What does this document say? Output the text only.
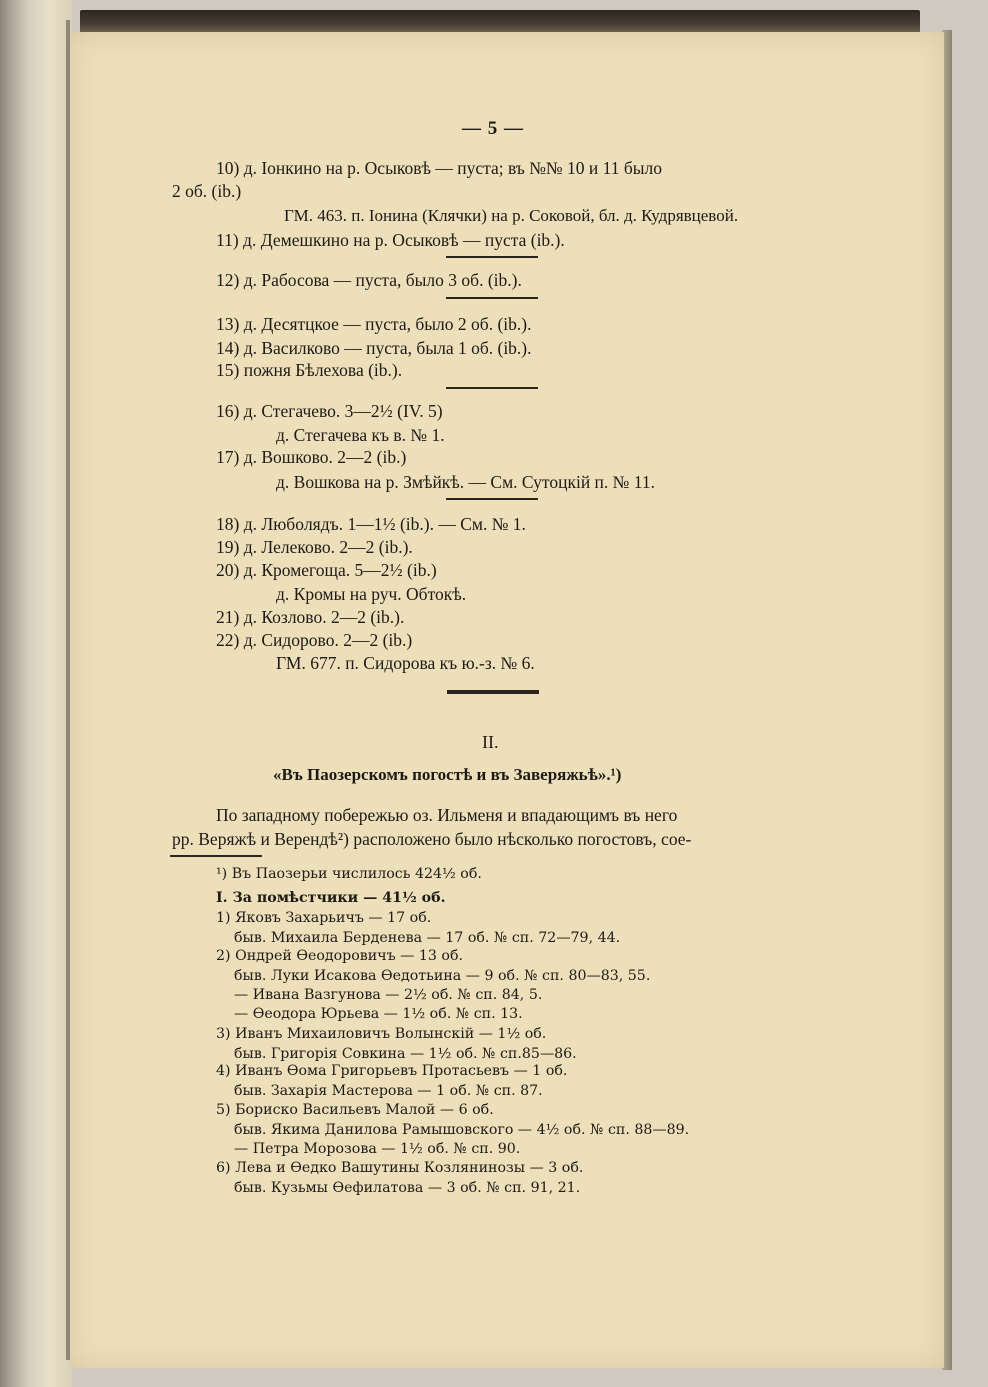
— 5 —
10) д. Іонкино на р. Осыковѣ — пуста; въ №№ 10 и 11 было
2 об. (ib.)
ГМ. 463. п. Іонина (Клячки) на р. Соковой, бл. д. Кудрявцевой.
11) д. Демешкино на р. Осыковѣ — пуста (ib.).
12) д. Рабосова — пуста, было 3 об. (ib.).
13) д. Десятцкое — пуста, было 2 об. (ib.).
14) д. Василково — пуста, была 1 об. (ib.).
15) пожня Бѣлехова (ib.).
16) д. Стегачево. 3—2½ (IV. 5)
д. Стегачева къ в. № 1.
17) д. Вошково. 2—2 (ib.)
д. Вошкова на р. Змѣйкѣ. — См. Сутоцкій п. № 11.
18) д. Любoлядъ. 1—1½ (ib.). — См. № 1.
19) д. Лелеково. 2—2 (ib.).
20) д. Кромегоща. 5—2½ (ib.)
д. Кромы на руч. Обтокѣ.
21) д. Козлово. 2—2 (ib.).
22) д. Сидорово. 2—2 (ib.)
ГМ. 677. п. Сидорова къ ю.-з. № 6.
II.
«Въ Паозерскомъ погостѣ и въ Заверяжьѣ».¹)
По западному побережью оз. Ильменя и впадающимъ въ него
рр. Веряжѣ и Верендѣ²) расположено было нѣсколько погостовъ, сое-
¹) Въ Паозерьи числилось 424½ об.
I. За помѣстчики — 41½ об.
1) Яковъ Захарьичъ — 17 об.
быв. Михаила Берденева — 17 об. № сп. 72—79, 44.
2) Ондрей Өеодоровичъ — 13 об.
быв. Луки Исакова Өедотьина — 9 об. № сп. 80—83, 55.
— Ивана Вазгунова — 2½ об. № сп. 84, 5.
— Өеодора Юрьева — 1½ об. № сп. 13.
3) Иванъ Михаиловичъ Волынскій — 1½ об.
быв. Григорія Совкина — 1½ об. № сп.85—86.
4) Иванъ Өома Григорьевъ Протасьевъ — 1 об.
быв. Захарія Мастерова — 1 об. № сп. 87.
5) Бориско Васильевъ Малой — 6 об.
быв. Якима Данилова Рамышовского — 4½ об. № сп. 88—89.
— Петра Морозова — 1½ об. № сп. 90.
6) Лева и Өедко Вашутины Козлянинозы — 3 об.
быв. Кузьмы Өефилатова — 3 об. № сп. 91, 21.
